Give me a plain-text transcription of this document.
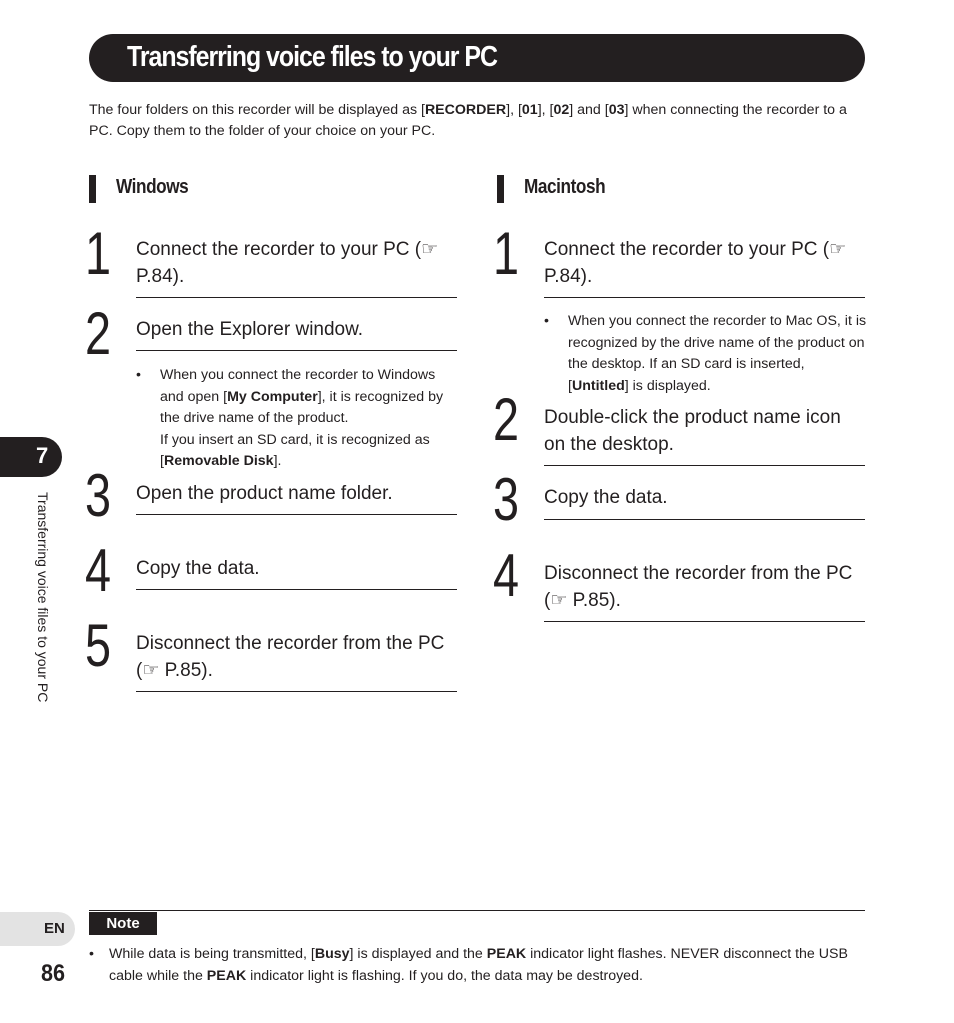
Transferring voice files to your PC
The four folders on this recorder will be displayed as [RECORDER], [01], [02] and [03] when connecting the recorder to a PC. Copy them to the folder of your choice on your PC.
Windows
1 Connect the recorder to your PC (☞ P.84).
2 Open the Explorer window.
• When you connect the recorder to Windows and open [My Computer], it is recognized by the drive name of the product.
If you insert an SD card, it is recognized as [Removable Disk].
3 Open the product name folder.
4 Copy the data.
5 Disconnect the recorder from the PC (☞ P.85).
Macintosh
1 Connect the recorder to your PC (☞ P.84).
• When you connect the recorder to Mac OS, it is recognized by the drive name of the product on the desktop. If an SD card is inserted, [Untitled] is displayed.
2 Double-click the product name icon on the desktop.
3 Copy the data.
4 Disconnect the recorder from the PC (☞ P.85).
7
Transferring voice files to your PC
EN
86
Note
• While data is being transmitted, [Busy] is displayed and the PEAK indicator light flashes. NEVER disconnect the USB cable while the PEAK indicator light is flashing. If you do, the data may be destroyed.
